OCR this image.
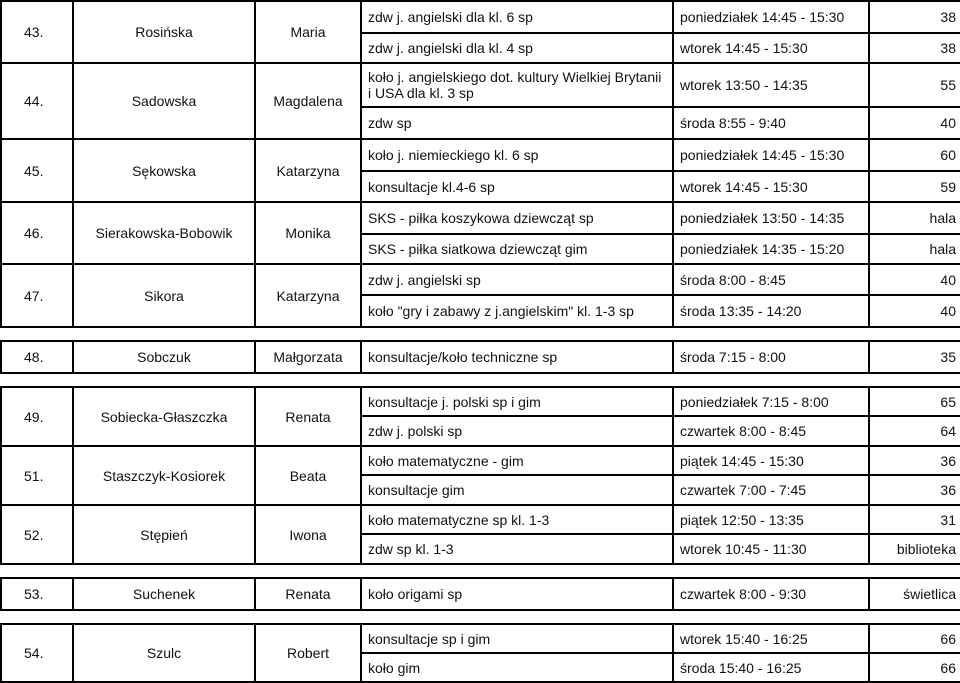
43.	Rosińska	Maria	zdw j. angielski dla kl. 6 sp	poniedziałek 14:45 - 15:30	38
			zdw j. angielski dla kl. 4 sp	wtorek 14:45 - 15:30	38
44.	Sadowska	Magdalena	koło j. angielskiego dot. kultury Wielkiej Brytanii i USA dla kl. 3 sp	wtorek 13:50 - 14:35	55
			zdw sp	środa 8:55 - 9:40	40
45.	Sękowska	Katarzyna	koło j. niemieckiego kl. 6 sp	poniedziałek 14:45 - 15:30	60
			konsultacje kl.4-6 sp	wtorek 14:45 - 15:30	59
46.	Sierakowska-Bobowik	Monika	SKS - piłka koszykowa dziewcząt sp	poniedziałek 13:50 - 14:35	hala
			SKS - piłka siatkowa dziewcząt gim	poniedziałek 14:35 - 15:20	hala
47.	Sikora	Katarzyna	zdw j. angielski sp	środa 8:00 - 8:45	40
			koło "gry i zabawy z j.angielskim" kl. 1-3 sp	środa 13:35 - 14:20	40

48.	Sobczuk	Małgorzata	konsultacje/koło techniczne sp	środa 7:15 - 8:00	35

49.	Sobiecka-Głaszczka	Renata	konsultacje j. polski sp i gim	poniedziałek 7:15 - 8:00	65
			zdw j. polski sp	czwartek 8:00 - 8:45	64
51.	Staszczyk-Kosiorek	Beata	koło matematyczne - gim	piątek 14:45 - 15:30	36
			konsultacje gim	czwartek 7:00 - 7:45	36
52.	Stępień	Iwona	koło matematyczne sp kl. 1-3	piątek 12:50 - 13:35	31
			zdw sp kl. 1-3	wtorek 10:45 - 11:30	biblioteka

53.	Suchenek	Renata	koło origami sp	czwartek 8:00 - 9:30	świetlica

54.	Szulc	Robert	konsultacje sp i gim	wtorek 15:40 - 16:25	66
			koło gim	środa 15:40 - 16:25	66
